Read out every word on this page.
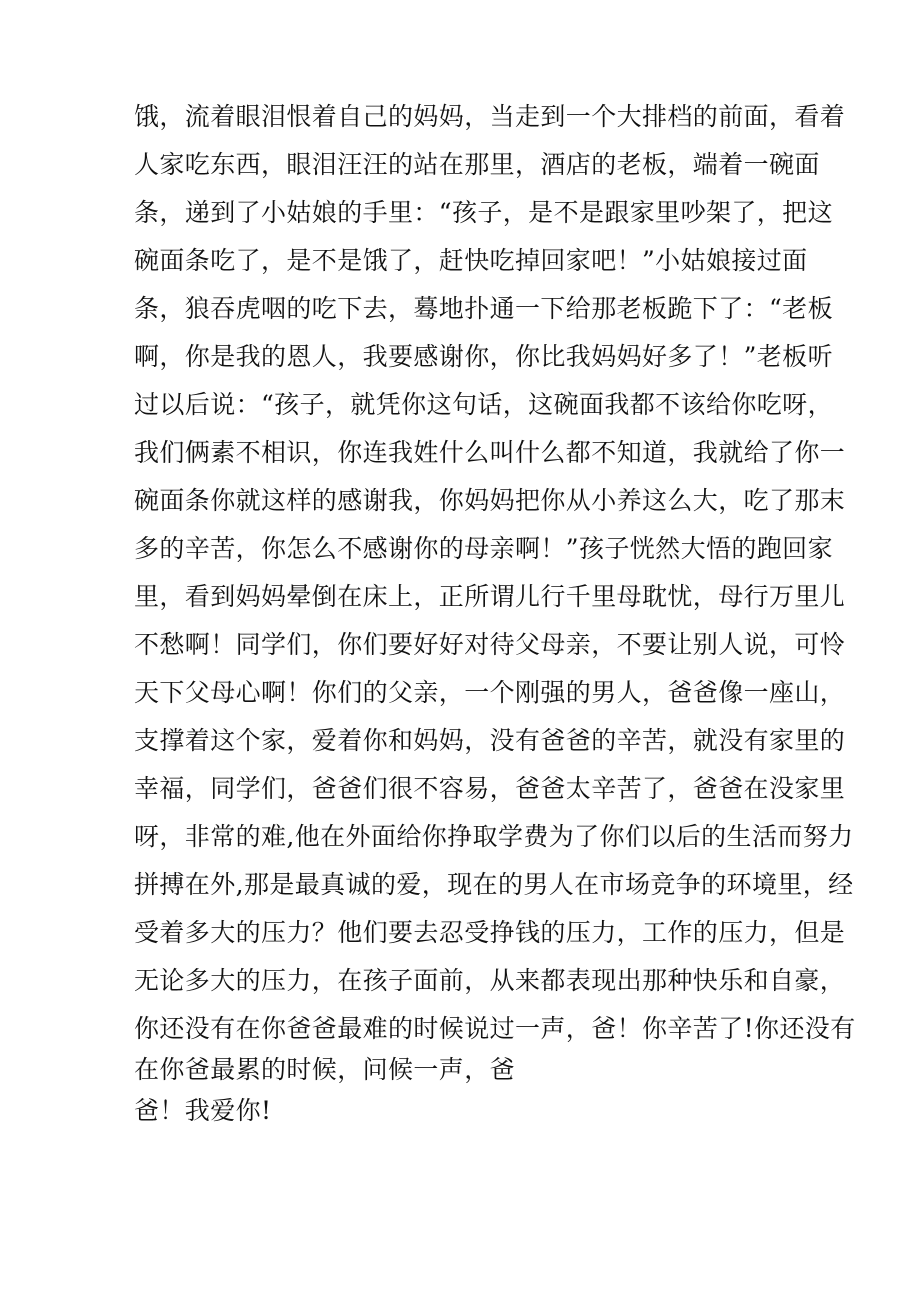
饿，流着眼泪恨着自己的妈妈，当走到一个大排档的前面，看着
人家吃东西，眼泪汪汪的站在那里，酒店的老板，端着一碗面
条，递到了小姑娘的手里：“孩子，是不是跟家里吵架了，把这
碗面条吃了，是不是饿了，赶快吃掉回家吧！”小姑娘接过面
条，狼吞虎咽的吃下去，蓦地扑通一下给那老板跪下了：“老板
啊，你是我的恩人，我要感谢你，你比我妈妈好多了！”老板听
过以后说：“孩子，就凭你这句话，这碗面我都不该给你吃呀，
我们俩素不相识，你连我姓什么叫什么都不知道，我就给了你一
碗面条你就这样的感谢我，你妈妈把你从小养这么大，吃了那末
多的辛苦，你怎么不感谢你的母亲啊！”孩子恍然大悟的跑回家
里，看到妈妈晕倒在床上，正所谓儿行千里母耽忧，母行万里儿
不愁啊！同学们，你们要好好对待父母亲，不要让别人说，可怜
天下父母心啊！你们的父亲，一个刚强的男人，爸爸像一座山，
支撑着这个家，爱着你和妈妈，没有爸爸的辛苦，就没有家里的
幸福，同学们，爸爸们很不容易，爸爸太辛苦了，爸爸在没家里
呀，非常的难,他在外面给你挣取学费为了你们以后的生活而努力
拼搏在外,那是最真诚的爱，现在的男人在市场竞争的环境里，经
受着多大的压力？他们要去忍受挣钱的压力，工作的压力，但是
无论多大的压力，在孩子面前，从来都表现出那种快乐和自豪，
你还没有在你爸爸最难的时候说过一声，爸！你辛苦了!你还没有
在你爸最累的时候，问候一声，爸
爸！我爱你!
